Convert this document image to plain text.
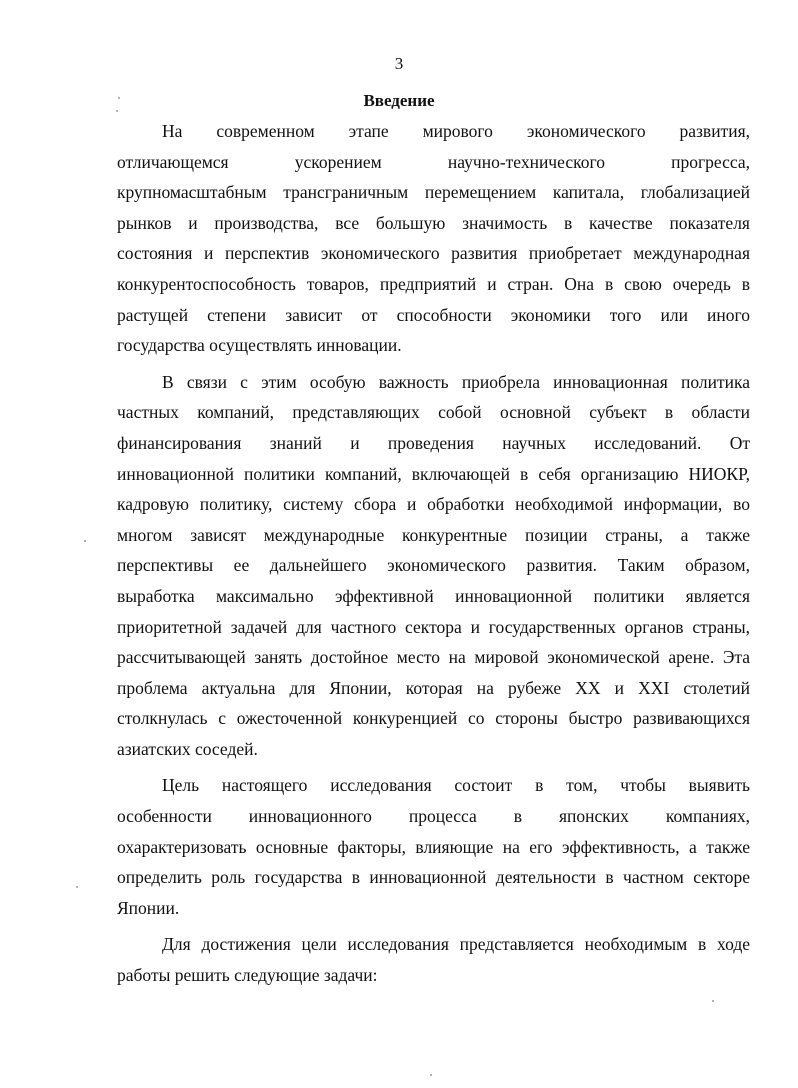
3
Введение

На современном этапе мирового экономического развития,
отличающемся ускорением научно-технического прогресса,
крупномасштабным трансграничным перемещением капитала, глобализацией
рынков и производства, все большую значимость в качестве показателя
состояния и перспектив экономического развития приобретает международная
конкурентоспособность товаров, предприятий и стран. Она в свою очередь в
растущей степени зависит от способности экономики того или иного
государства осуществлять инновации.

В связи с этим особую важность приобрела инновационная политика
частных компаний, представляющих собой основной субъект в области
финансирования знаний и проведения научных исследований. От
инновационной политики компаний, включающей в себя организацию НИОКР,
кадровую политику, систему сбора и обработки необходимой информации, во
многом зависят международные конкурентные позиции страны, а также
перспективы ее дальнейшего экономического развития. Таким образом,
выработка максимально эффективной инновационной политики является
приоритетной задачей для частного сектора и государственных органов страны,
рассчитывающей занять достойное место на мировой экономической арене. Эта
проблема актуальна для Японии, которая на рубеже XX и XXI столетий
столкнулась с ожесточенной конкуренцией со стороны быстро развивающихся
азиатских соседей.

Цель настоящего исследования состоит в том, чтобы выявить
особенности инновационного процесса в японских компаниях,
охарактеризовать основные факторы, влияющие на его эффективность, а также
определить роль государства в инновационной деятельности в частном секторе
Японии.

Для достижения цели исследования представляется необходимым в ходе
работы решить следующие задачи:
